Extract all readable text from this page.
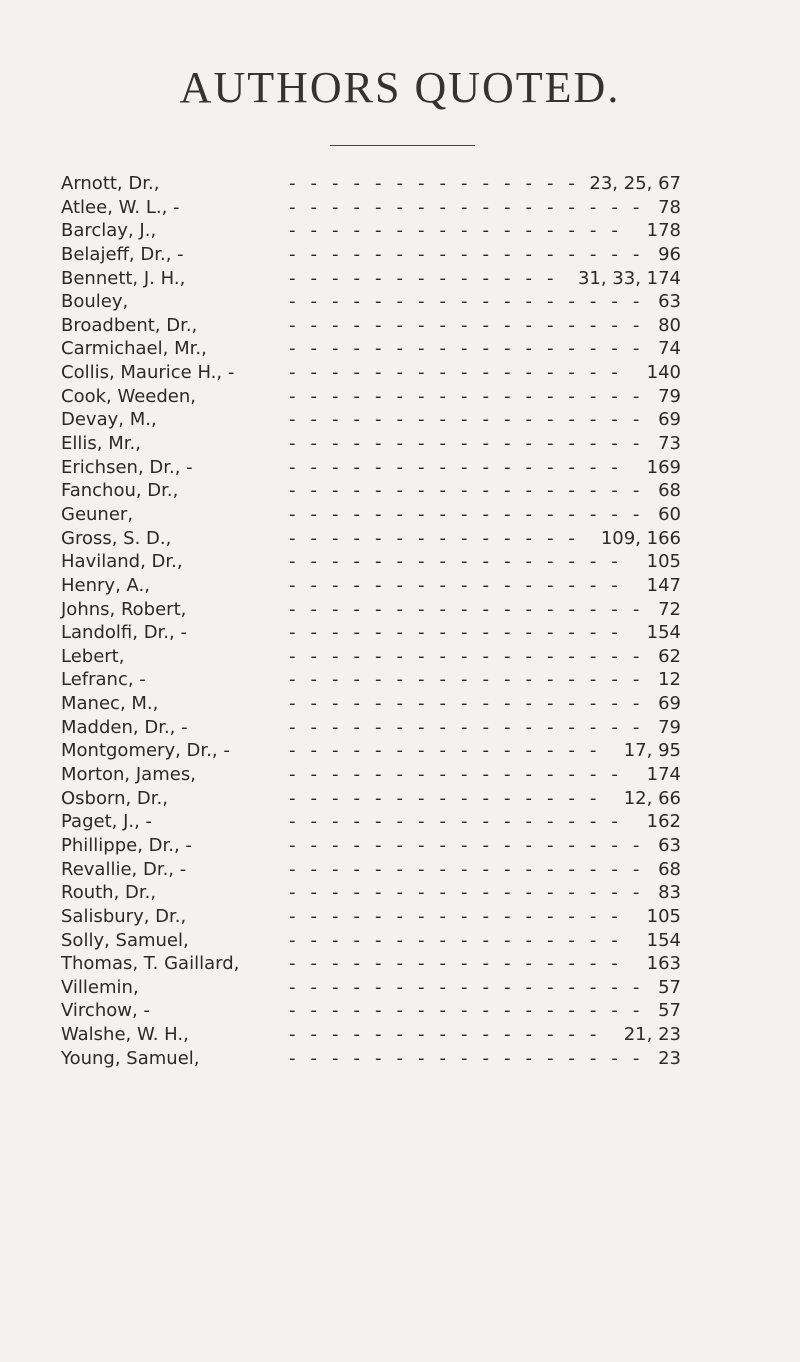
AUTHORS QUOTED.
Arnott, Dr.,	-------------- 23, 25, 67
Atlee, W. L., -	----------------- 78
Barclay, J.,	---------------- 178
Belajeff, Dr., -	----------------- 96
Bennett, J. H.,	------------- 31, 33, 174
Bouley,	----------------- 63
Broadbent, Dr.,	----------------- 80
Carmichael, Mr.,	----------------- 74
Collis, Maurice H., -	---------------- 140
Cook, Weeden,	----------------- 79
Devay, M.,	----------------- 69
Ellis, Mr.,	----------------- 73
Erichsen, Dr., -	---------------- 169
Fanchou, Dr.,	----------------- 68
Geuner,	----------------- 60
Gross, S. D.,	-------------- 109, 166
Haviland, Dr.,	---------------- 105
Henry, A.,	---------------- 147
Johns, Robert,	----------------- 72
Landolfi, Dr., -	---------------- 154
Lebert,	----------------- 62
Lefranc, -	----------------- 12
Manec, M.,	----------------- 69
Madden, Dr., -	----------------- 79
Montgomery, Dr., -	--------------- 17, 95
Morton, James,	---------------- 174
Osborn, Dr.,	--------------- 12, 66
Paget, J., -	---------------- 162
Phillippe, Dr., -	----------------- 63
Revallie, Dr., -	----------------- 68
Routh, Dr.,	----------------- 83
Salisbury, Dr.,	---------------- 105
Solly, Samuel,	---------------- 154
Thomas, T. Gaillard,	---------------- 163
Villemin,	----------------- 57
Virchow, -	----------------- 57
Walshe, W. H.,	--------------- 21, 23
Young, Samuel,	----------------- 23
